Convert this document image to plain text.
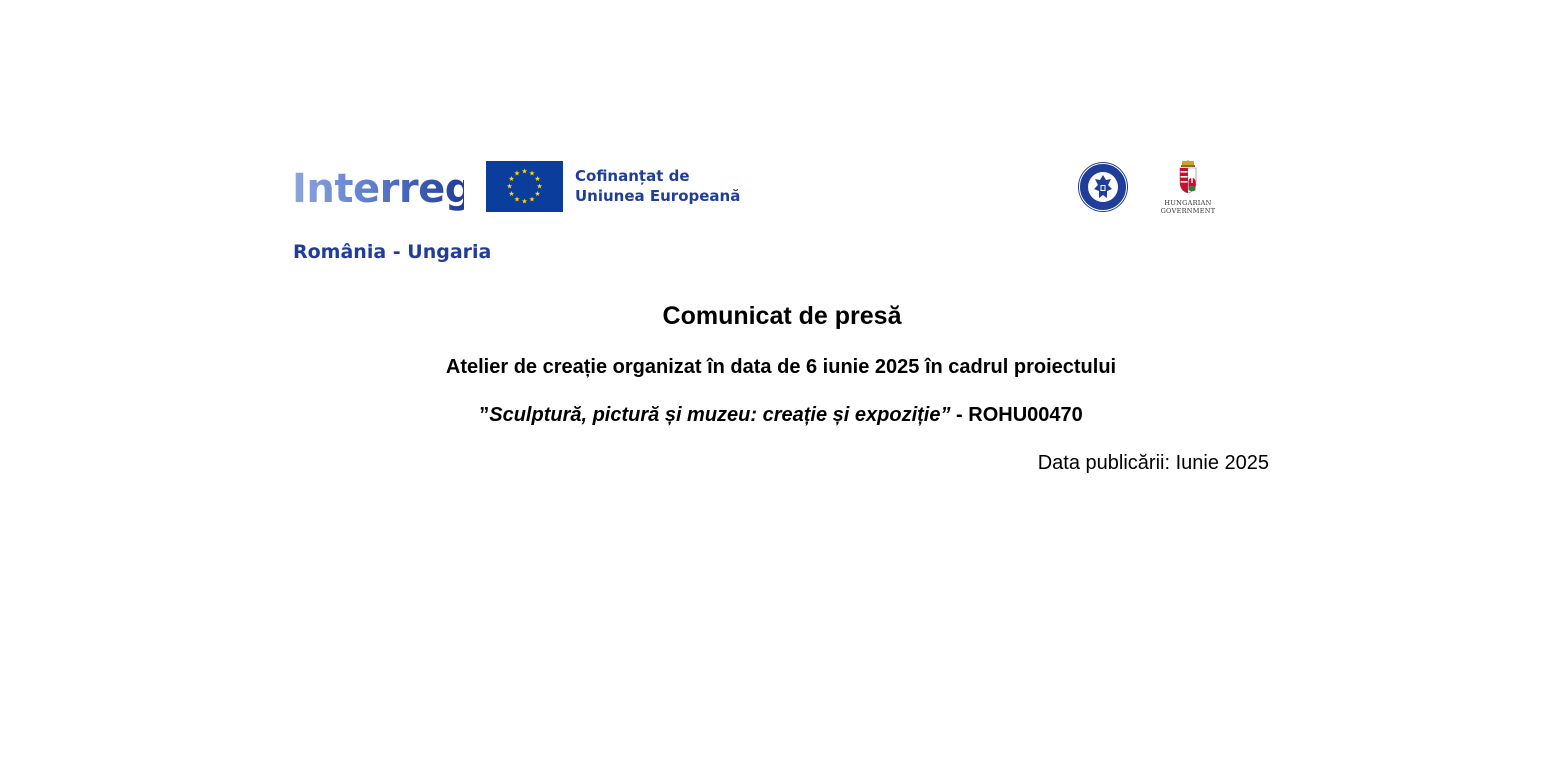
Interreg	★ ★
★
★
★
★
★
★
★
★
★
★	Cofinanțat de
Uniunea Europeană
România - Ungaria
HUNGARIAN
GOVERNMENT
Comunicat de presă
Atelier de creație organizat în data de 6 iunie 2025 în cadrul proiectului
”Sculptură, pictură și muzeu: creație și expoziție” - ROHU00470
Data publicării: Iunie 2025
